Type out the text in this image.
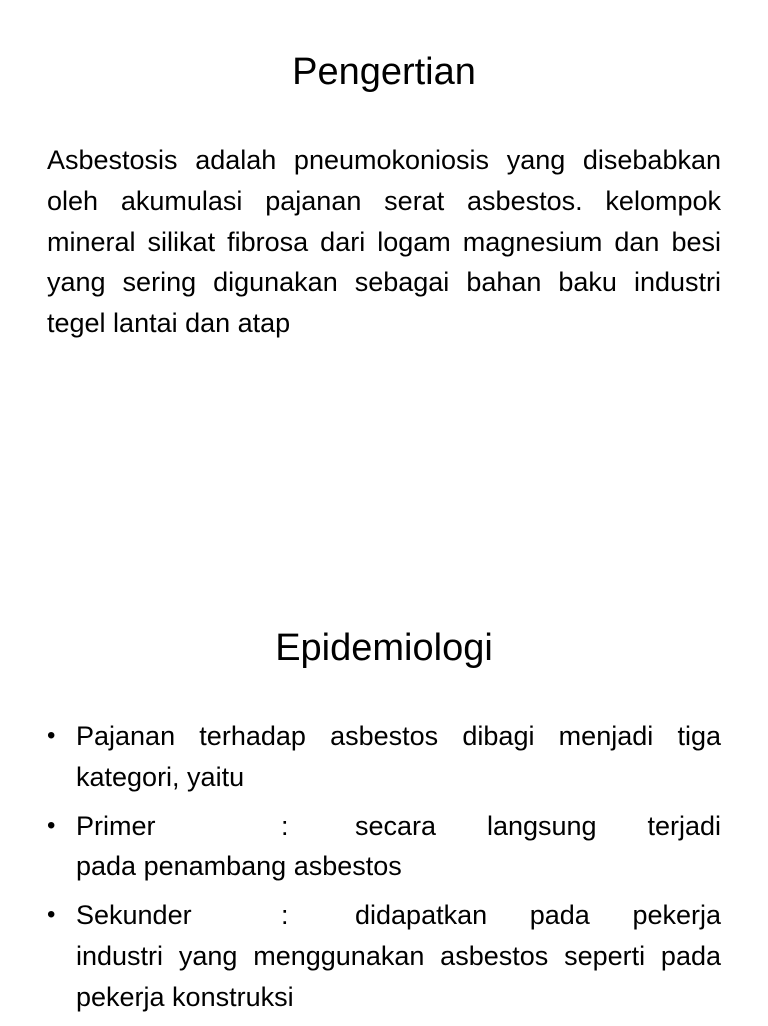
Pengertian

Asbestosis adalah pneumokoniosis yang disebabkan oleh akumulasi pajanan serat asbestos. kelompok mineral silikat fibrosa dari logam magnesium dan besi yang sering digunakan sebagai bahan baku industri tegel lantai dan atap

Epidemiologi
• Pajanan terhadap asbestos dibagi menjadi tiga kategori, yaitu
• Primer	:	secara langsung terjadi
pada penambang asbestos
• Sekunder	:	didapatkan pada pekerja
industri yang menggunakan asbestos seperti pada pekerja konstruksi
